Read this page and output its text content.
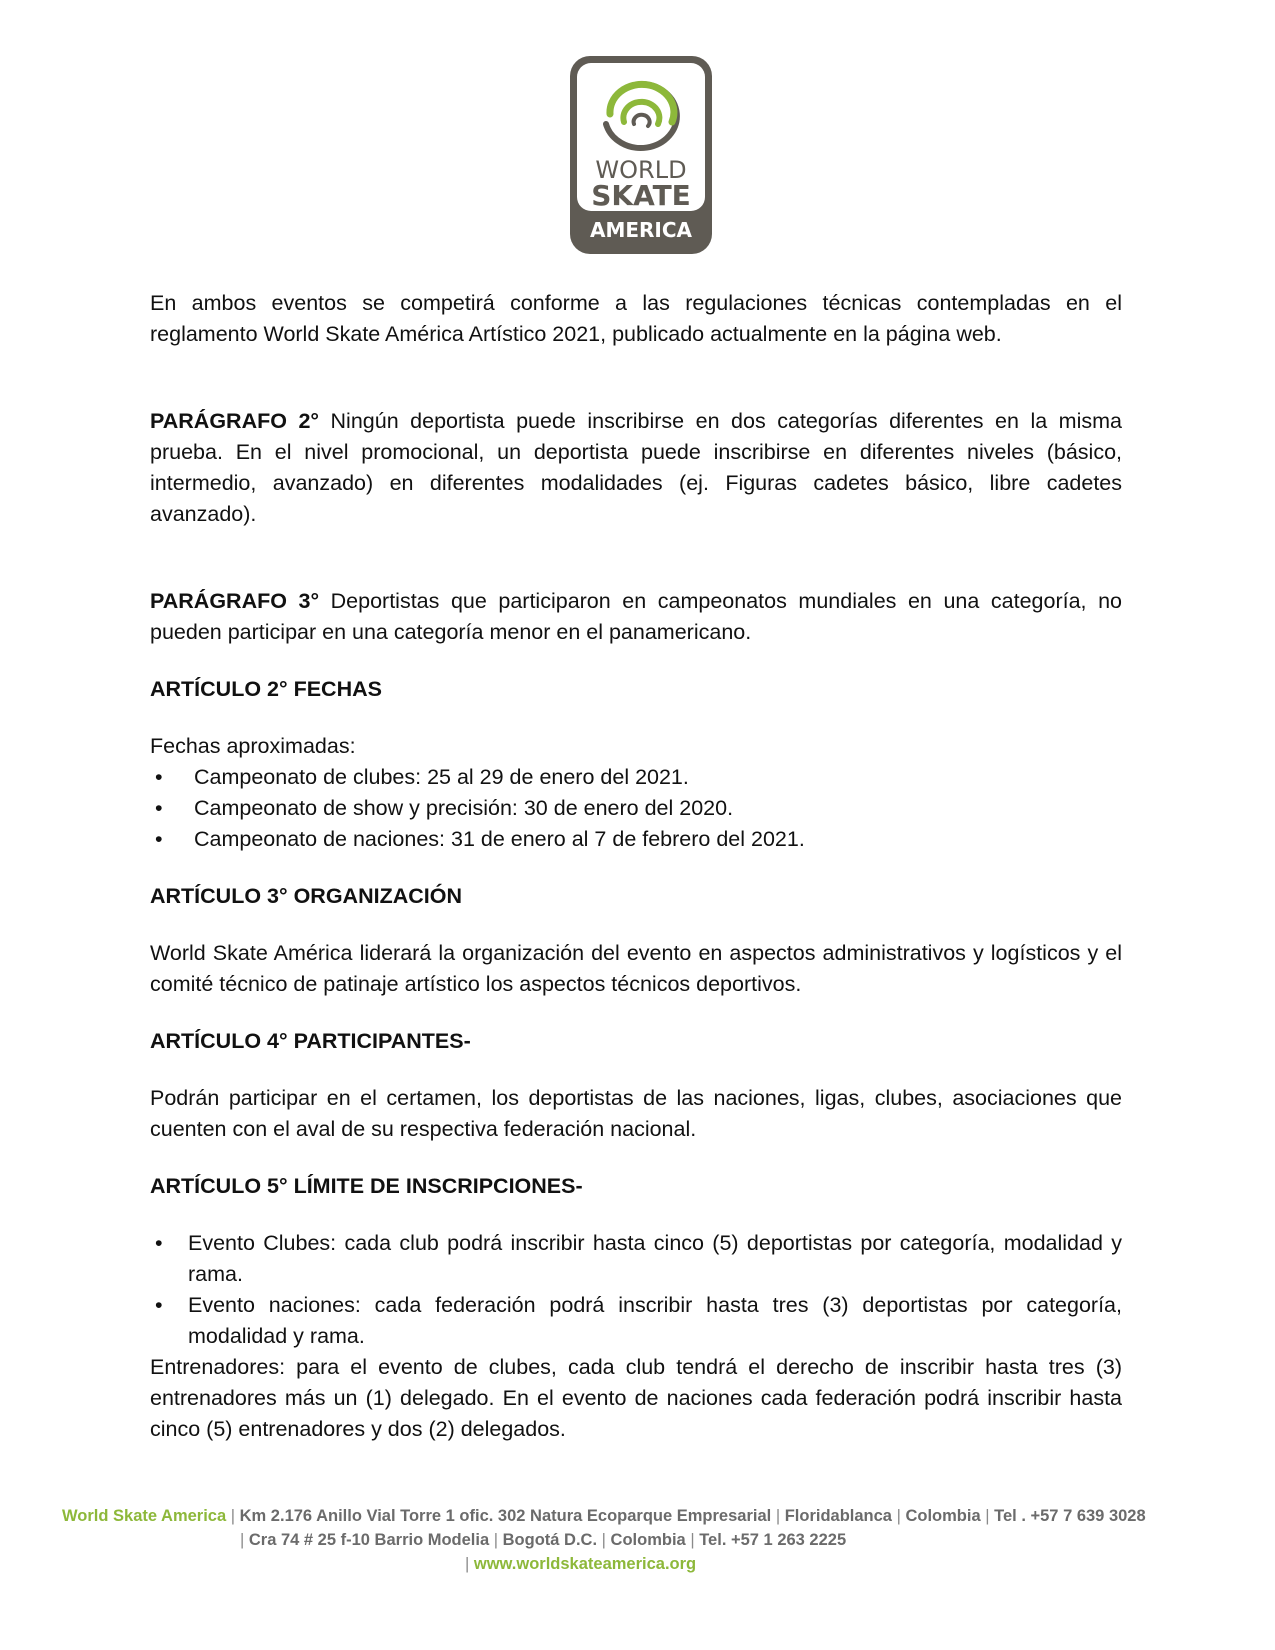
WORLD
SKATE
AMERICA

En ambos eventos se competirá conforme a las regulaciones técnicas contempladas en el reglamento World Skate América Artístico 2021, publicado actualmente en la página web.

PARÁGRAFO 2° Ningún deportista puede inscribirse en dos categorías diferentes en la misma prueba. En el nivel promocional, un deportista puede inscribirse en diferentes niveles (básico, intermedio, avanzado) en diferentes modalidades (ej. Figuras cadetes básico, libre cadetes avanzado).

PARÁGRAFO 3° Deportistas que participaron en campeonatos mundiales en una categoría, no pueden participar en una categoría menor en el panamericano.

ARTÍCULO 2° FECHAS

Fechas aproximadas:

• Campeonato de clubes: 25 al 29 de enero del 2021.
• Campeonato de show y precisión: 30 de enero del 2020.
• Campeonato de naciones: 31 de enero al 7 de febrero del 2021.

ARTÍCULO 3° ORGANIZACIÓN

World Skate América liderará la organización del evento en aspectos administrativos y logísticos y el comité técnico de patinaje artístico los aspectos técnicos deportivos.

ARTÍCULO 4° PARTICIPANTES-

Podrán participar en el certamen, los deportistas de las naciones, ligas, clubes, asociaciones que cuenten con el aval de su respectiva federación nacional.

ARTÍCULO 5° LÍMITE DE INSCRIPCIONES-

• Evento Clubes: cada club podrá inscribir hasta cinco (5) deportistas por categoría, modalidad y rama.
• Evento naciones: cada federación podrá inscribir hasta tres (3) deportistas por categoría, modalidad y rama.

Entrenadores: para el evento de clubes, cada club tendrá el derecho de inscribir hasta tres (3) entrenadores más un (1) delegado. En el evento de naciones cada federación podrá inscribir hasta cinco (5) entrenadores y dos (2) delegados.

World Skate America | Km 2.176 Anillo Vial Torre 1 ofic. 302 Natura Ecoparque Empresarial | Floridablanca | Colombia | Tel . +57 7 639 3028
| Cra 74 # 25 f-10 Barrio Modelia | Bogotá D.C. | Colombia | Tel. +57 1 263 2225
| www.worldskateamerica.org
